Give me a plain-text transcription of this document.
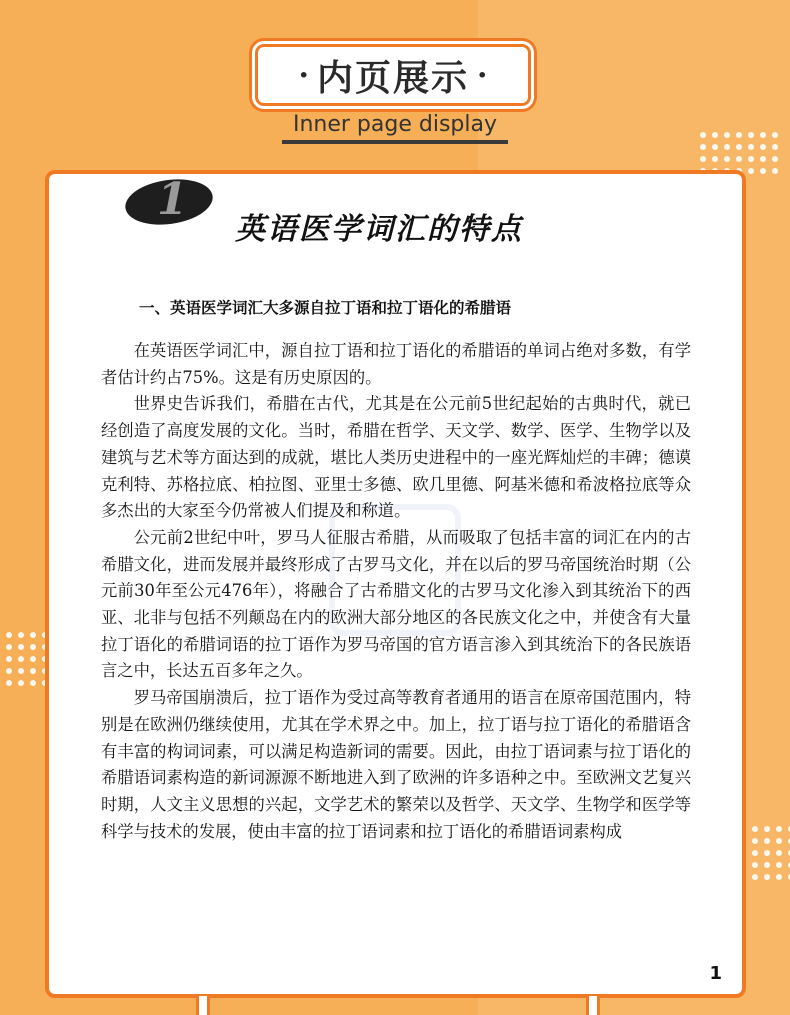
· 内页展示 ·
Inner page display
1
英语医学词汇的特点
一、英语医学词汇大多源自拉丁语和拉丁语化的希腊语

在英语医学词汇中，源自拉丁语和拉丁语化的希腊语的单词占绝对多数，有学者估计约占75%。这是有历史原因的。

世界史告诉我们，希腊在古代，尤其是在公元前5世纪起始的古典时代，就已经创造了高度发展的文化。当时，希腊在哲学、天文学、数学、医学、生物学以及建筑与艺术等方面达到的成就，堪比人类历史进程中的一座光辉灿烂的丰碑；德谟克利特、苏格拉底、柏拉图、亚里士多德、欧几里德、阿基米德和希波格拉底等众多杰出的大家至今仍常被人们提及和称道。

公元前2世纪中叶，罗马人征服古希腊，从而吸取了包括丰富的词汇在内的古希腊文化，进而发展并最终形成了古罗马文化，并在以后的罗马帝国统治时期（公元前30年至公元476年），将融合了古希腊文化的古罗马文化渗入到其统治下的西亚、北非与包括不列颠岛在内的欧洲大部分地区的各民族文化之中，并使含有大量拉丁语化的希腊词语的拉丁语作为罗马帝国的官方语言渗入到其统治下的各民族语言之中，长达五百多年之久。

罗马帝国崩溃后，拉丁语作为受过高等教育者通用的语言在原帝国范围内，特别是在欧洲仍继续使用，尤其在学术界之中。加上，拉丁语与拉丁语化的希腊语含有丰富的构词词素，可以满足构造新词的需要。因此，由拉丁语词素与拉丁语化的希腊语词素构造的新词源源不断地进入到了欧洲的许多语种之中。至欧洲文艺复兴时期，人文主义思想的兴起，文学艺术的繁荣以及哲学、天文学、生物学和医学等科学与技术的发展，使由丰富的拉丁语词素和拉丁语化的希腊语词素构成

1
